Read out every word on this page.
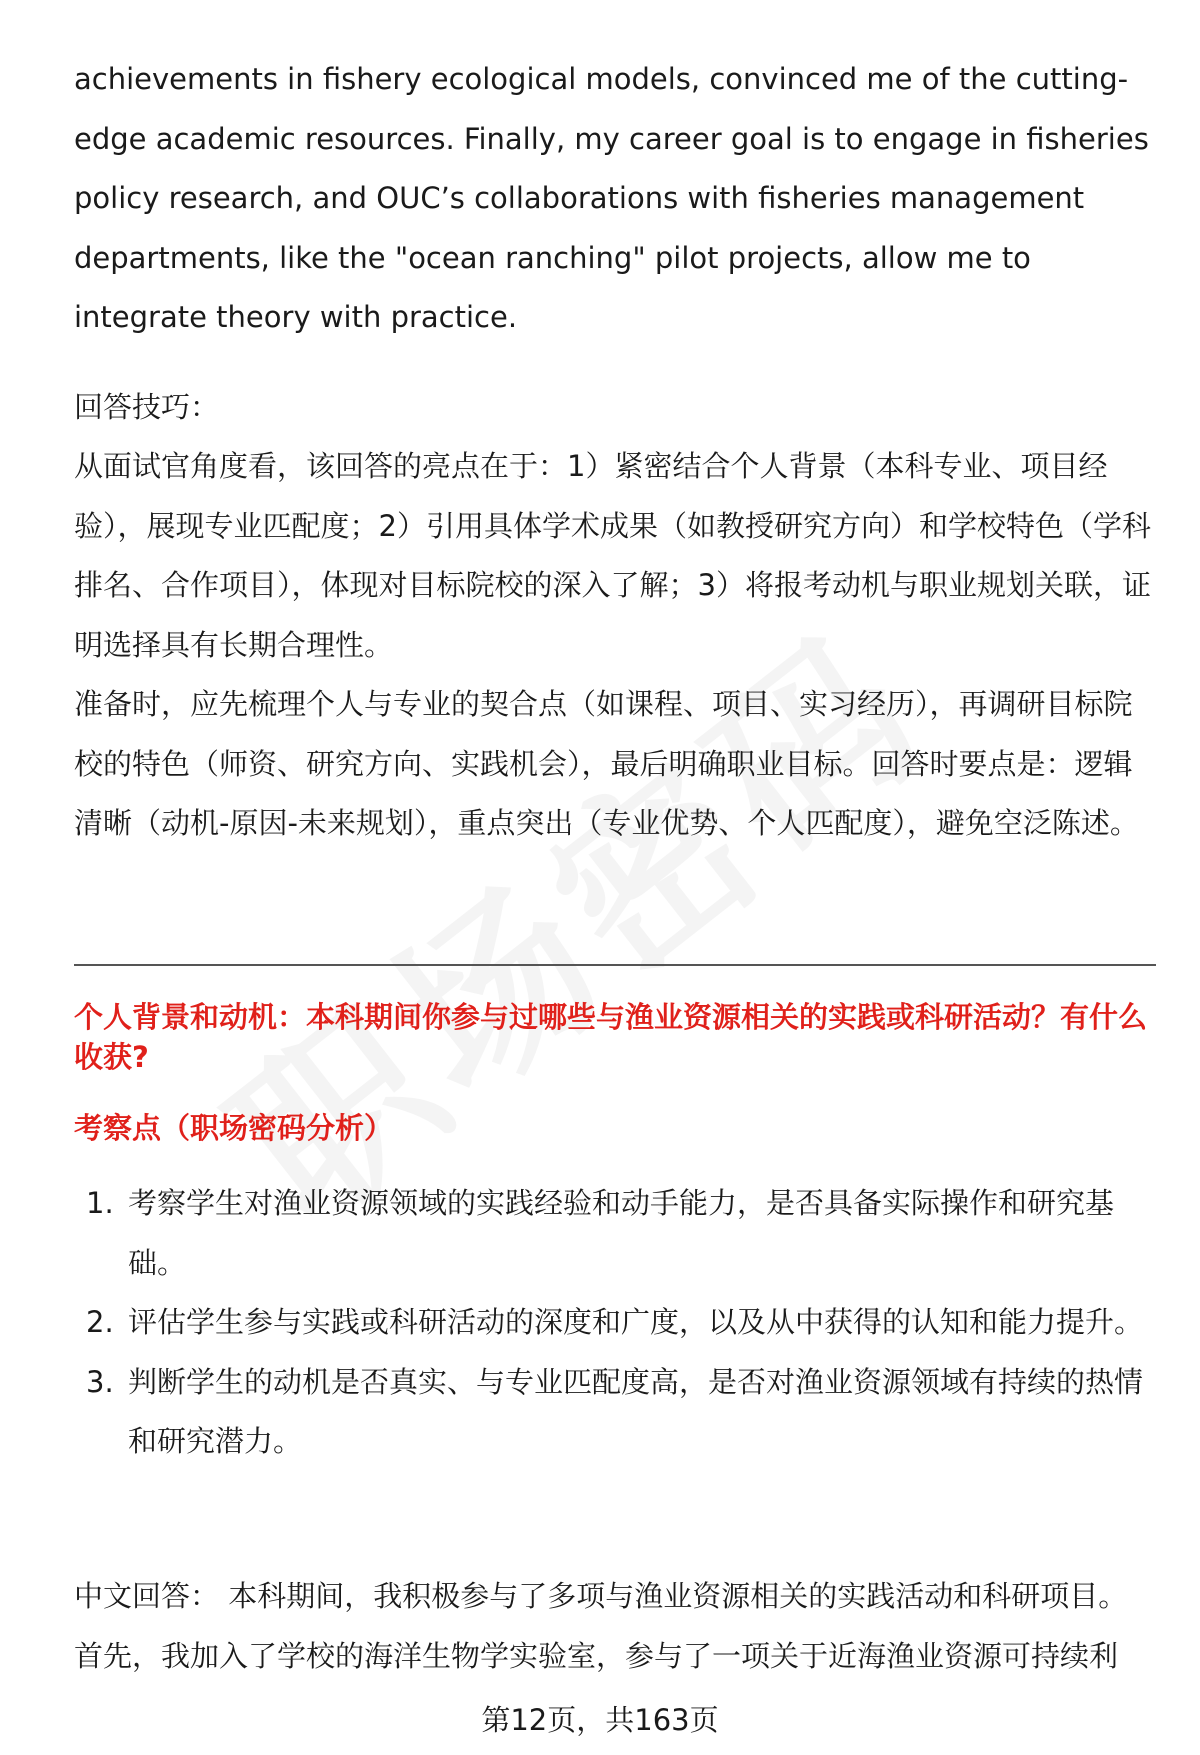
achievements in fishery ecological models, convinced me of the cutting-edge academic resources. Finally, my career goal is to engage in fisheries policy research, and OUC’s collaborations with fisheries management departments, like the "ocean ranching" pilot projects, allow me to integrate theory with practice.

回答技巧：

从面试官角度看，该回答的亮点在于：1）紧密结合个人背景（本科专业、项目经验），展现专业匹配度；2）引用具体学术成果（如教授研究方向）和学校特色（学科排名、合作项目），体现对目标院校的深入了解；3）将报考动机与职业规划关联，证明选择具有长期合理性。

准备时，应先梳理个人与专业的契合点（如课程、项目、实习经历），再调研目标院校的特色（师资、研究方向、实践机会），最后明确职业目标。回答时要点是：逻辑清晰（动机-原因-未来规划），重点突出（专业优势、个人匹配度），避免空泛陈述。

个人背景和动机：本科期间你参与过哪些与渔业资源相关的实践或科研活动？有什么收获?

考察点（职场密码分析）

1. 考察学生对渔业资源领域的实践经验和动手能力，是否具备实际操作和研究基础。
2. 评估学生参与实践或科研活动的深度和广度，以及从中获得的认知和能力提升。
3. 判断学生的动机是否真实、与专业匹配度高，是否对渔业资源领域有持续的热情和研究潜力。

中文回答： 本科期间，我积极参与了多项与渔业资源相关的实践活动和科研项目。首先，我加入了学校的海洋生物学实验室，参与了一项关于近海渔业资源可持续利

第12页，共163页
